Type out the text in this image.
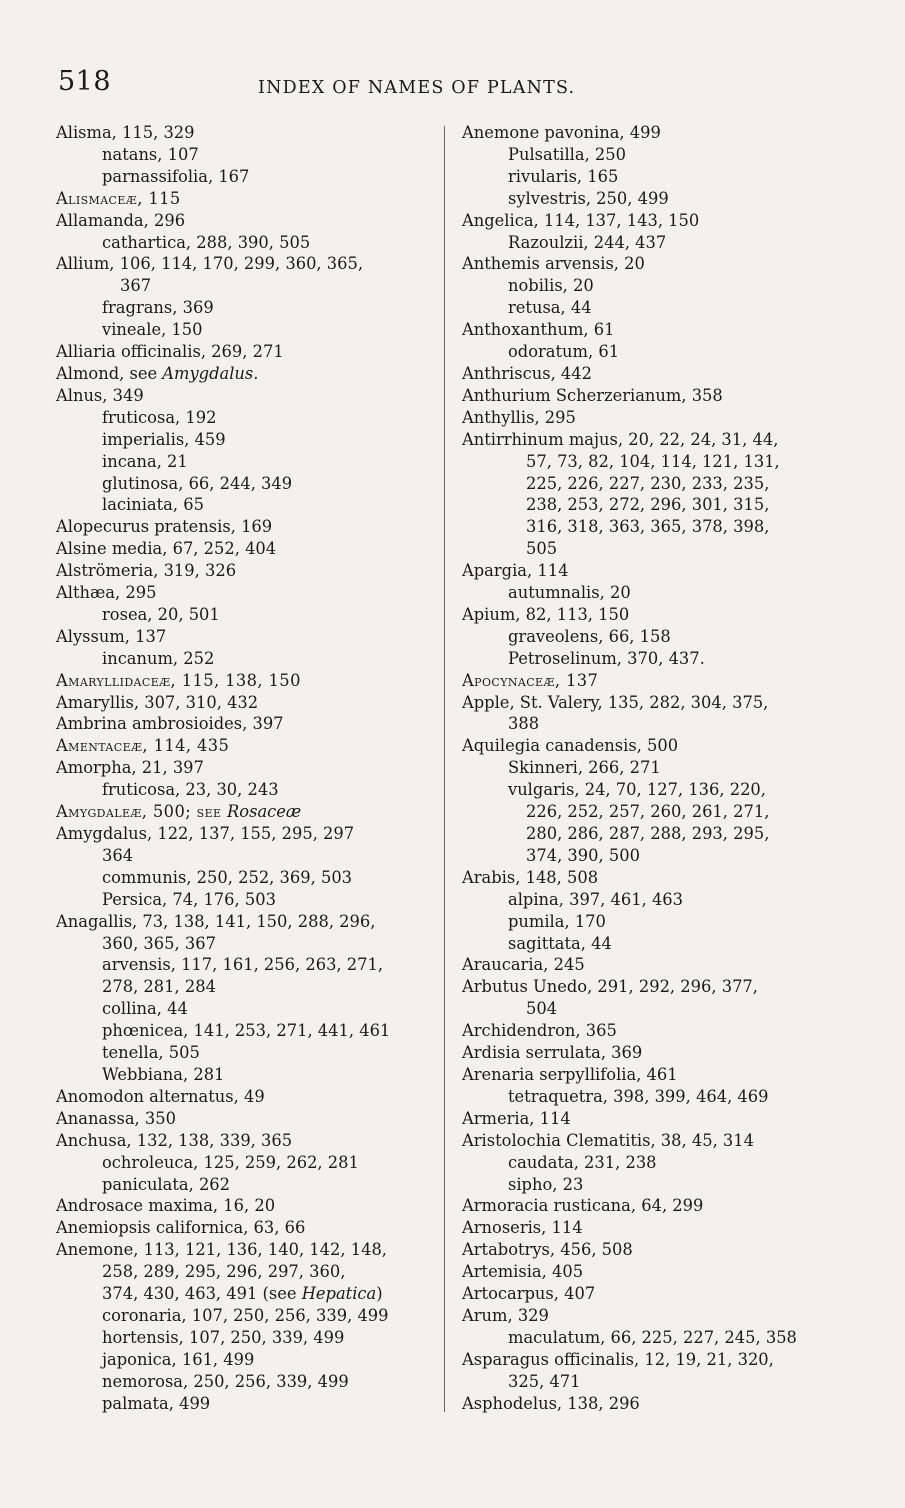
518	INDEX OF NAMES OF PLANTS.
Alisma, 115, 329
natans, 107
parnassifolia, 167
Alismaceæ, 115
Allamanda, 296
cathartica, 288, 390, 505
Allium, 106, 114, 170, 299, 360, 365,
367
fragrans, 369
vineale, 150
Alliaria officinalis, 269, 271
Almond, see Amygdalus.
Alnus, 349
fruticosa, 192
imperialis, 459
incana, 21
glutinosa, 66, 244, 349
laciniata, 65
Alopecurus pratensis, 169
Alsine media, 67, 252, 404
Alströmeria, 319, 326
Althæa, 295
rosea, 20, 501
Alyssum, 137
incanum, 252
Amaryllidaceæ, 115, 138, 150
Amaryllis, 307, 310, 432
Ambrina ambrosioides, 397
Amentaceæ, 114, 435
Amorpha, 21, 397
fruticosa, 23, 30, 243
Amygdaleæ, 500; see Rosaceæ
Amygdalus, 122, 137, 155, 295, 297
364
communis, 250, 252, 369, 503
Persica, 74, 176, 503
Anagallis, 73, 138, 141, 150, 288, 296,
360, 365, 367
arvensis, 117, 161, 256, 263, 271,
278, 281, 284
collina, 44
phœnicea, 141, 253, 271, 441, 461
tenella, 505
Webbiana, 281
Anomodon alternatus, 49
Ananassa, 350
Anchusa, 132, 138, 339, 365
ochroleuca, 125, 259, 262, 281
paniculata, 262
Androsace maxima, 16, 20
Anemiopsis californica, 63, 66
Anemone, 113, 121, 136, 140, 142, 148,
258, 289, 295, 296, 297, 360,
374, 430, 463, 491 (see Hepatica)
coronaria, 107, 250, 256, 339, 499
hortensis, 107, 250, 339, 499
japonica, 161, 499
nemorosa, 250, 256, 339, 499
palmata, 499
Anemone pavonina, 499
Pulsatilla, 250
rivularis, 165
sylvestris, 250, 499
Angelica, 114, 137, 143, 150
Razoulzii, 244, 437
Anthemis arvensis, 20
nobilis, 20
retusa, 44
Anthoxanthum, 61
odoratum, 61
Anthriscus, 442
Anthurium Scherzerianum, 358
Anthyllis, 295
Antirrhinum majus, 20, 22, 24, 31, 44,
57, 73, 82, 104, 114, 121, 131,
225, 226, 227, 230, 233, 235,
238, 253, 272, 296, 301, 315,
316, 318, 363, 365, 378, 398,
505
Apargia, 114
autumnalis, 20
Apium, 82, 113, 150
graveolens, 66, 158
Petroselinum, 370, 437.
Apocynaceæ, 137
Apple, St. Valery, 135, 282, 304, 375,
388
Aquilegia canadensis, 500
Skinneri, 266, 271
vulgaris, 24, 70, 127, 136, 220,
226, 252, 257, 260, 261, 271,
280, 286, 287, 288, 293, 295,
374, 390, 500
Arabis, 148, 508
alpina, 397, 461, 463
pumila, 170
sagittata, 44
Araucaria, 245
Arbutus Unedo, 291, 292, 296, 377,
504
Archidendron, 365
Ardisia serrulata, 369
Arenaria serpyllifolia, 461
tetraquetra, 398, 399, 464, 469
Armeria, 114
Aristolochia Clematitis, 38, 45, 314
caudata, 231, 238
sipho, 23
Armoracia rusticana, 64, 299
Arnoseris, 114
Artabotrys, 456, 508
Artemisia, 405
Artocarpus, 407
Arum, 329
maculatum, 66, 225, 227, 245, 358
Asparagus officinalis, 12, 19, 21, 320,
325, 471
Asphodelus, 138, 296
